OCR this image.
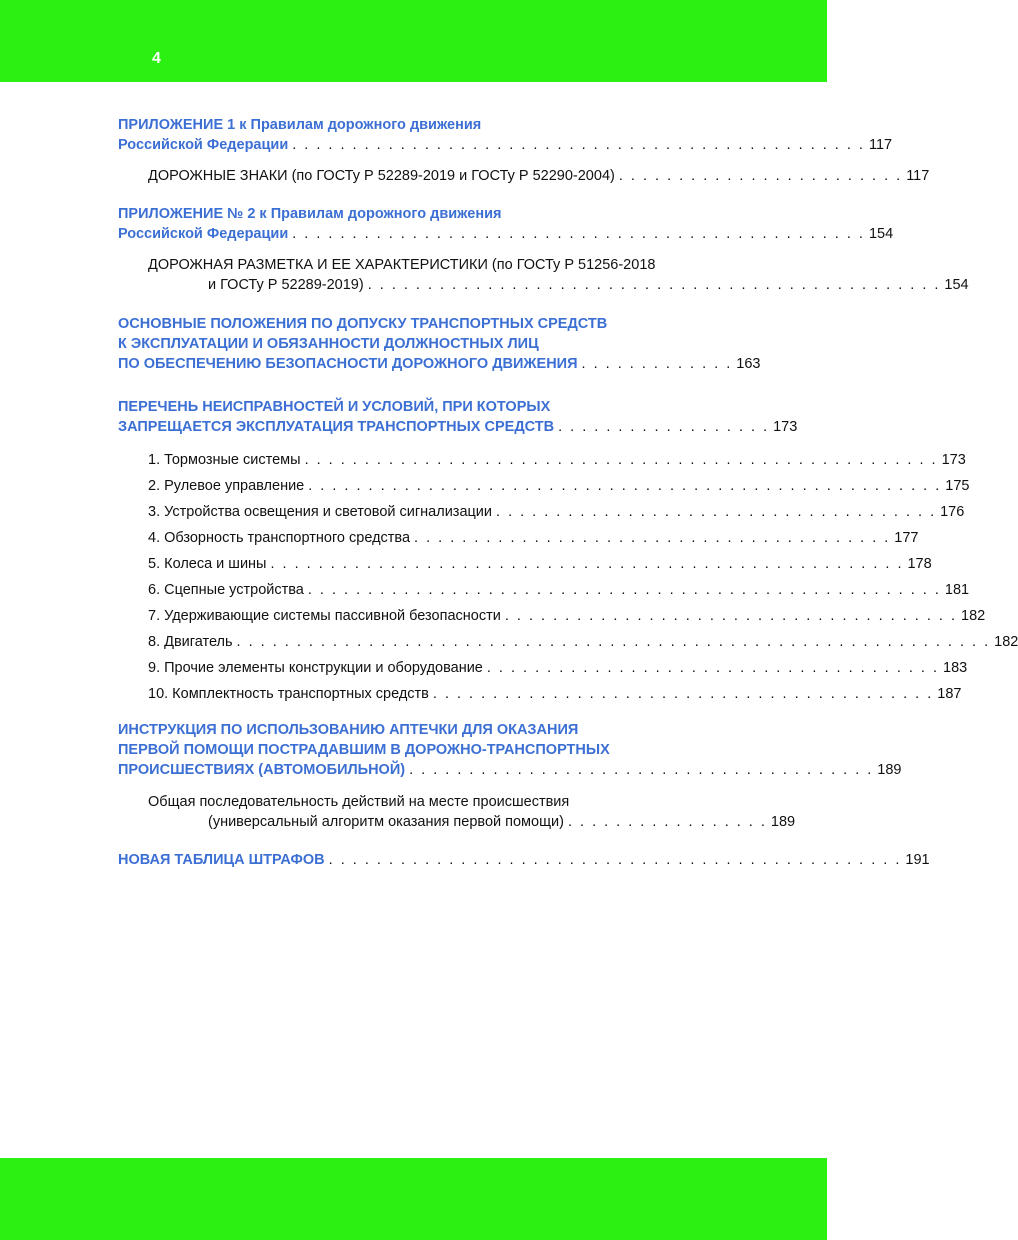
4
ПРИЛОЖЕНИЕ 1 к Правилам дорожного движения
Российской Федерации . . . . . . . . . . . . . . . . . . . . . . . . . . . . . . . . . . . . . . . . . . . . . . . . 117
ДОРОЖНЫЕ ЗНАКИ (по ГОСТу Р 52289-2019 и ГОСТу Р 52290-2004) . . . . . . . . . . . . . . . . . . . . . . . . 117
ПРИЛОЖЕНИЕ № 2 к Правилам дорожного движения
Российской Федерации . . . . . . . . . . . . . . . . . . . . . . . . . . . . . . . . . . . . . . . . . . . . . . . . 154
ДОРОЖНАЯ РАЗМЕТКА И ЕЕ ХАРАКТЕРИСТИКИ (по ГОСТу Р 51256-2018
и ГОСТу Р 52289-2019) . . . . . . . . . . . . . . . . . . . . . . . . . . . . . . . . . . . . . . . . . . . . . . . . 154
ОСНОВНЫЕ ПОЛОЖЕНИЯ ПО ДОПУСКУ ТРАНСПОРТНЫХ СРЕДСТВ
К ЭКСПЛУАТАЦИИ И ОБЯЗАННОСТИ ДОЛЖНОСТНЫХ ЛИЦ
ПО ОБЕСПЕЧЕНИЮ БЕЗОПАСНОСТИ ДОРОЖНОГО ДВИЖЕНИЯ . . . . . . . . . . . . . 163
ПЕРЕЧЕНЬ НЕИСПРАВНОСТЕЙ И УСЛОВИЙ, ПРИ КОТОРЫХ
ЗАПРЕЩАЕТСЯ ЭКСПЛУАТАЦИЯ ТРАНСПОРТНЫХ СРЕДСТВ . . . . . . . . . . . . . . . . . . 173
1. Тормозные системы . . . . . . . . . . . . . . . . . . . . . . . . . . . . . . . . . . . . . . . . . . . . . . . . . . . . . 173
2. Рулевое управление . . . . . . . . . . . . . . . . . . . . . . . . . . . . . . . . . . . . . . . . . . . . . . . . . . . . . 175
3. Устройства освещения и световой сигнализации . . . . . . . . . . . . . . . . . . . . . . . . . . . . . . . . . . . . . 176
4. Обзорность транспортного средства . . . . . . . . . . . . . . . . . . . . . . . . . . . . . . . . . . . . . . . . 177
5. Колеса и шины . . . . . . . . . . . . . . . . . . . . . . . . . . . . . . . . . . . . . . . . . . . . . . . . . . . . . 178
6. Сцепные устройства . . . . . . . . . . . . . . . . . . . . . . . . . . . . . . . . . . . . . . . . . . . . . . . . . . . . . 181
7. Удерживающие системы пассивной безопасности . . . . . . . . . . . . . . . . . . . . . . . . . . . . . . . . . . . . . . 182
8. Двигатель . . . . . . . . . . . . . . . . . . . . . . . . . . . . . . . . . . . . . . . . . . . . . . . . . . . . . . . . . . . . . . . 182
9. Прочие элементы конструкции и оборудование . . . . . . . . . . . . . . . . . . . . . . . . . . . . . . . . . . . . . . 183
10. Комплектность транспортных средств . . . . . . . . . . . . . . . . . . . . . . . . . . . . . . . . . . . . . . . . . . 187
ИНСТРУКЦИЯ ПО ИСПОЛЬЗОВАНИЮ АПТЕЧКИ ДЛЯ ОКАЗАНИЯ
ПЕРВОЙ ПОМОЩИ ПОСТРАДАВШИМ В ДОРОЖНО-ТРАНСПОРТНЫХ
ПРОИСШЕСТВИЯХ (АВТОМОБИЛЬНОЙ) . . . . . . . . . . . . . . . . . . . . . . . . . . . . . . . . . . . . . . . 189
Общая последовательность действий на месте происшествия
(универсальный алгоритм оказания первой помощи) . . . . . . . . . . . . . . . . . 189
НОВАЯ ТАБЛИЦА ШТРАФОВ . . . . . . . . . . . . . . . . . . . . . . . . . . . . . . . . . . . . . . . . . . . . . . . . 191
